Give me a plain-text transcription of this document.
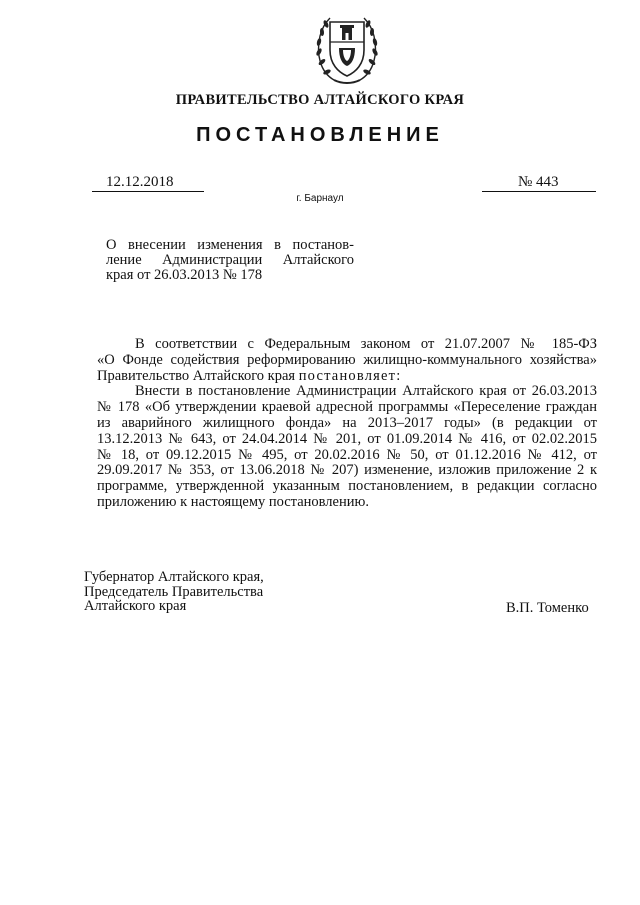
ПРАВИТЕЛЬСТВО АЛТАЙСКОГО КРАЯ
ПОСТАНОВЛЕНИЕ
12.12.2018	№ 443
г. Барнаул
О внесении изменения в постанов-
ление Администрации Алтайского
края от 26.03.2013 № 178
В соответствии с Федеральным законом от 21.07.2007 № 185-ФЗ
«О Фонде содействия реформированию жилищно-коммунального хозяйства»
Правительство Алтайского края постановляет:
Внести в постановление Администрации Алтайского края от 26.03.2013
№ 178 «Об утверждении краевой адресной программы «Переселение граждан
из аварийного жилищного фонда» на 2013–2017 годы» (в редакции от
13.12.2013 № 643, от 24.04.2014 № 201, от 01.09.2014 № 416, от 02.02.2015
№ 18, от 09.12.2015 № 495, от 20.02.2016 № 50, от 01.12.2016 № 412, от
29.09.2017 № 353, от 13.06.2018 № 207) изменение, изложив приложение 2 к
программе, утвержденной указанным постановлением, в редакции согласно
приложению к настоящему постановлению.
Губернатор Алтайского края,
Председатель Правительства
Алтайского края	В.П. Томенко
